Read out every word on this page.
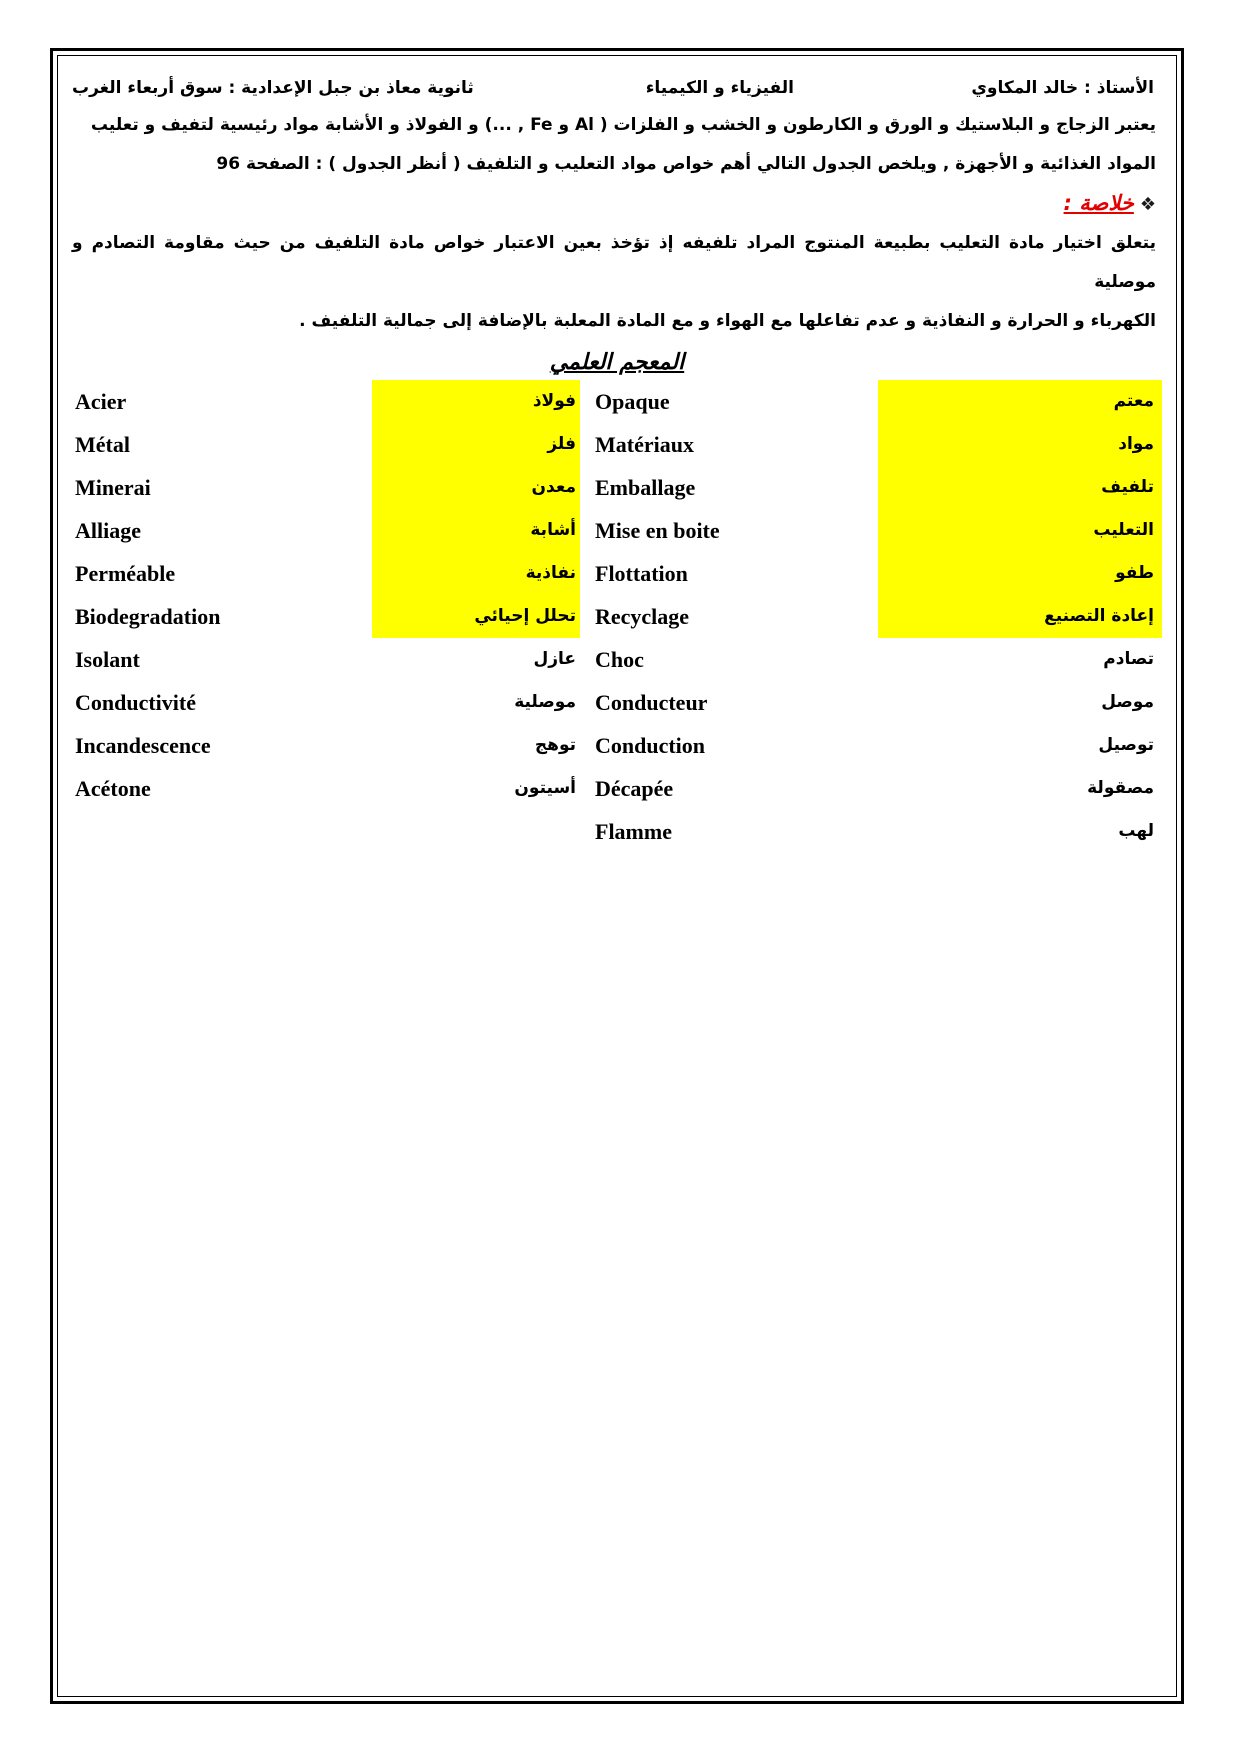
الأستاذ : خالد المكاوي
الفيزياء و الكيمياء
ثانوية معاذ بن جبل الإعدادية : سوق أربعاء الغرب
يعتبر الزجاج و البلاستيك و الورق و الكارطون و الخشب و الفلزات ( Al و Fe , ...) و الفولاذ و الأشابة مواد رئيسية لتفيف و تعليب
المواد الغذائية و الأجهزة , ويلخص الجدول التالي أهم خواص مواد التعليب و التلفيف ( أنظر الجدول ) : الصفحة 96
❖خلاصة :
يتعلق اختيار مادة التعليب بطبيعة المنتوج المراد تلفيفه إذ تؤخذ بعين الاعتبار خواص مادة التلفيف من حيث مقاومة التصادم و موصلية
الكهرباء و الحرارة و النفاذية و عدم تفاعلها مع الهواء و مع المادة المعلبة بالإضافة إلى جمالية التلفيف .
المعجم العلمي
معتم
Opaque
فولاذ
Acier
مواد
Matériaux
فلز
Métal
تلفيف
Emballage
معدن
Minerai
التعليب
Mise en boite
أشابة
Alliage
طفو
Flottation
نفاذية
Perméable
إعادة التصنيع
Recyclage
تحلل إحيائي
Biodegradation
تصادم
Choc
عازل
Isolant
موصل
Conducteur
موصلية
Conductivité
توصيل
Conduction
توهج
Incandescence
مصقولة
Décapée
أسيتون
Acétone
لهب
Flamme
